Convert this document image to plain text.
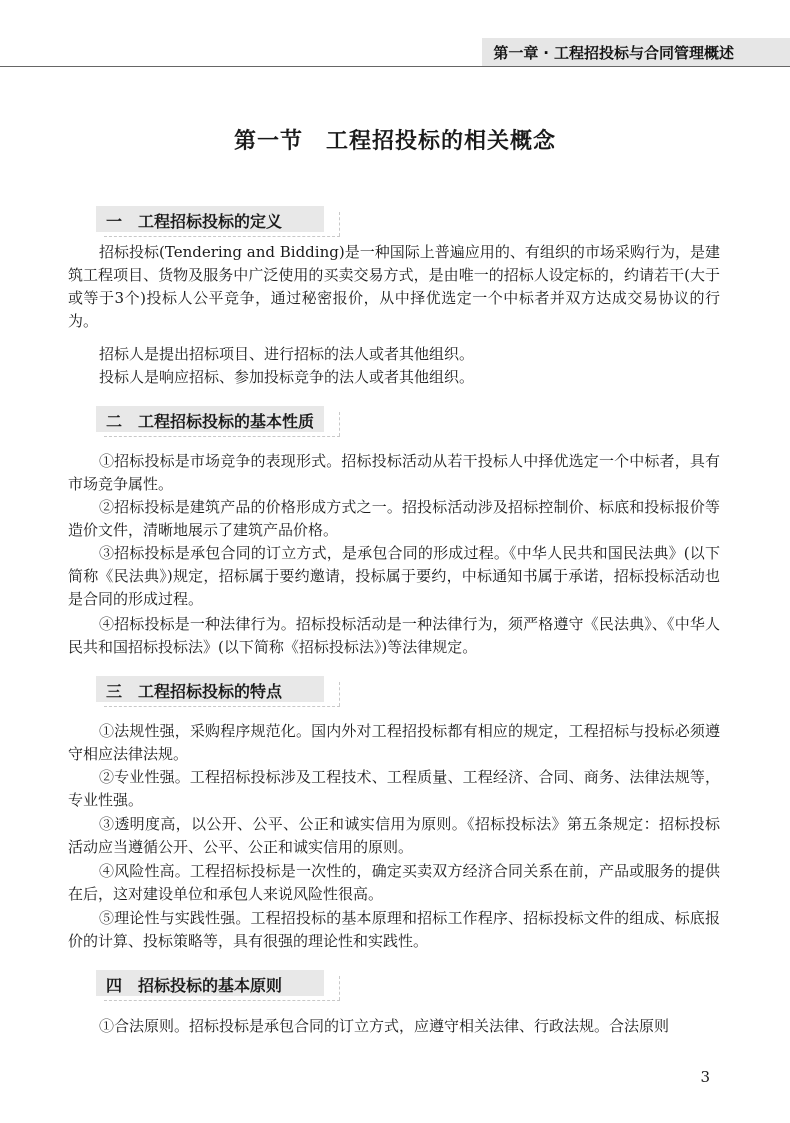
第一章 ‧ 工程招投标与合同管理概述
第一节　工程招投标的相关概念
一 工程招标投标的定义
招标投标(Tendering and Bidding)是一种国际上普遍应用的、有组织的市场采购行为，是建筑工程项目、货物及服务中广泛使用的买卖交易方式，是由唯一的招标人设定标的，约请若干(大于或等于3个)投标人公平竞争，通过秘密报价，从中择优选定一个中标者并双方达成交易协议的行为。
招标人是提出招标项目、进行招标的法人或者其他组织。
投标人是响应招标、参加投标竞争的法人或者其他组织。
二 工程招标投标的基本性质
①招标投标是市场竞争的表现形式。招标投标活动从若干投标人中择优选定一个中标者，具有市场竞争属性。
②招标投标是建筑产品的价格形成方式之一。招投标活动涉及招标控制价、标底和投标报价等造价文件，清晰地展示了建筑产品价格。
③招标投标是承包合同的订立方式，是承包合同的形成过程。《中华人民共和国民法典》(以下简称《民法典》)规定，招标属于要约邀请，投标属于要约，中标通知书属于承诺，招标投标活动也是合同的形成过程。
④招标投标是一种法律行为。招标投标活动是一种法律行为，须严格遵守《民法典》、《中华人民共和国招标投标法》(以下简称《招标投标法》)等法律规定。
三 工程招标投标的特点
①法规性强，采购程序规范化。国内外对工程招投标都有相应的规定，工程招标与投标必须遵守相应法律法规。
②专业性强。工程招标投标涉及工程技术、工程质量、工程经济、合同、商务、法律法规等，专业性强。
③透明度高，以公开、公平、公正和诚实信用为原则。《招标投标法》第五条规定：招标投标活动应当遵循公开、公平、公正和诚实信用的原则。
④风险性高。工程招标投标是一次性的，确定买卖双方经济合同关系在前，产品或服务的提供在后，这对建设单位和承包人来说风险性很高。
⑤理论性与实践性强。工程招投标的基本原理和招标工作程序、招标投标文件的组成、标底报价的计算、投标策略等，具有很强的理论性和实践性。
四 招标投标的基本原则
①合法原则。招标投标是承包合同的订立方式，应遵守相关法律、行政法规。合法原则
3
